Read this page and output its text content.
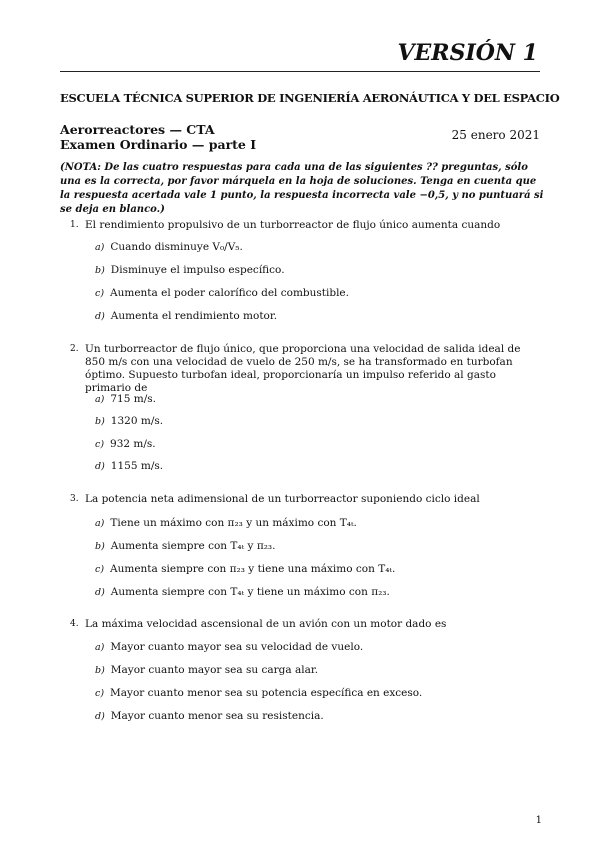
VERSIÓN 1
ESCUELA TÉCNICA SUPERIOR DE INGENIERÍA AERONÁUTICA Y DEL ESPACIO
Aerorreactores — CTA
Examen Ordinario — parte I
25 enero 2021
(NOTA: De las cuatro respuestas para cada una de las siguientes ?? preguntas, sólo una es la correcta, por favor márquela en la hoja de soluciones. Tenga en cuenta que la respuesta acertada vale 1 punto, la respuesta incorrecta vale −0,5, y no puntuará si se deja en blanco.)
1. El rendimiento propulsivo de un turborreactor de flujo único aumenta cuando
a) Cuando disminuye V₀/V₅.
b) Disminuye el impulso específico.
c) Aumenta el poder calorífico del combustible.
d) Aumenta el rendimiento motor.
2. Un turborreactor de flujo único, que proporciona una velocidad de salida ideal de 850 m/s con una velocidad de vuelo de 250 m/s, se ha transformado en turbofan óptimo. Supuesto turbofan ideal, proporcionaría un impulso referido al gasto primario de
a) 715 m/s.
b) 1320 m/s.
c) 932 m/s.
d) 1155 m/s.
3. La potencia neta adimensional de un turborreactor suponiendo ciclo ideal
a) Tiene un máximo con π₂₃ y un máximo con T₄ₜ.
b) Aumenta siempre con T₄ₜ y π₂₃.
c) Aumenta siempre con π₂₃ y tiene una máximo con T₄ₜ.
d) Aumenta siempre con T₄ₜ y tiene un máximo con π₂₃.
4. La máxima velocidad ascensional de un avión con un motor dado es
a) Mayor cuanto mayor sea su velocidad de vuelo.
b) Mayor cuanto mayor sea su carga alar.
c) Mayor cuanto menor sea su potencia específica en exceso.
d) Mayor cuanto menor sea su resistencia.
1
